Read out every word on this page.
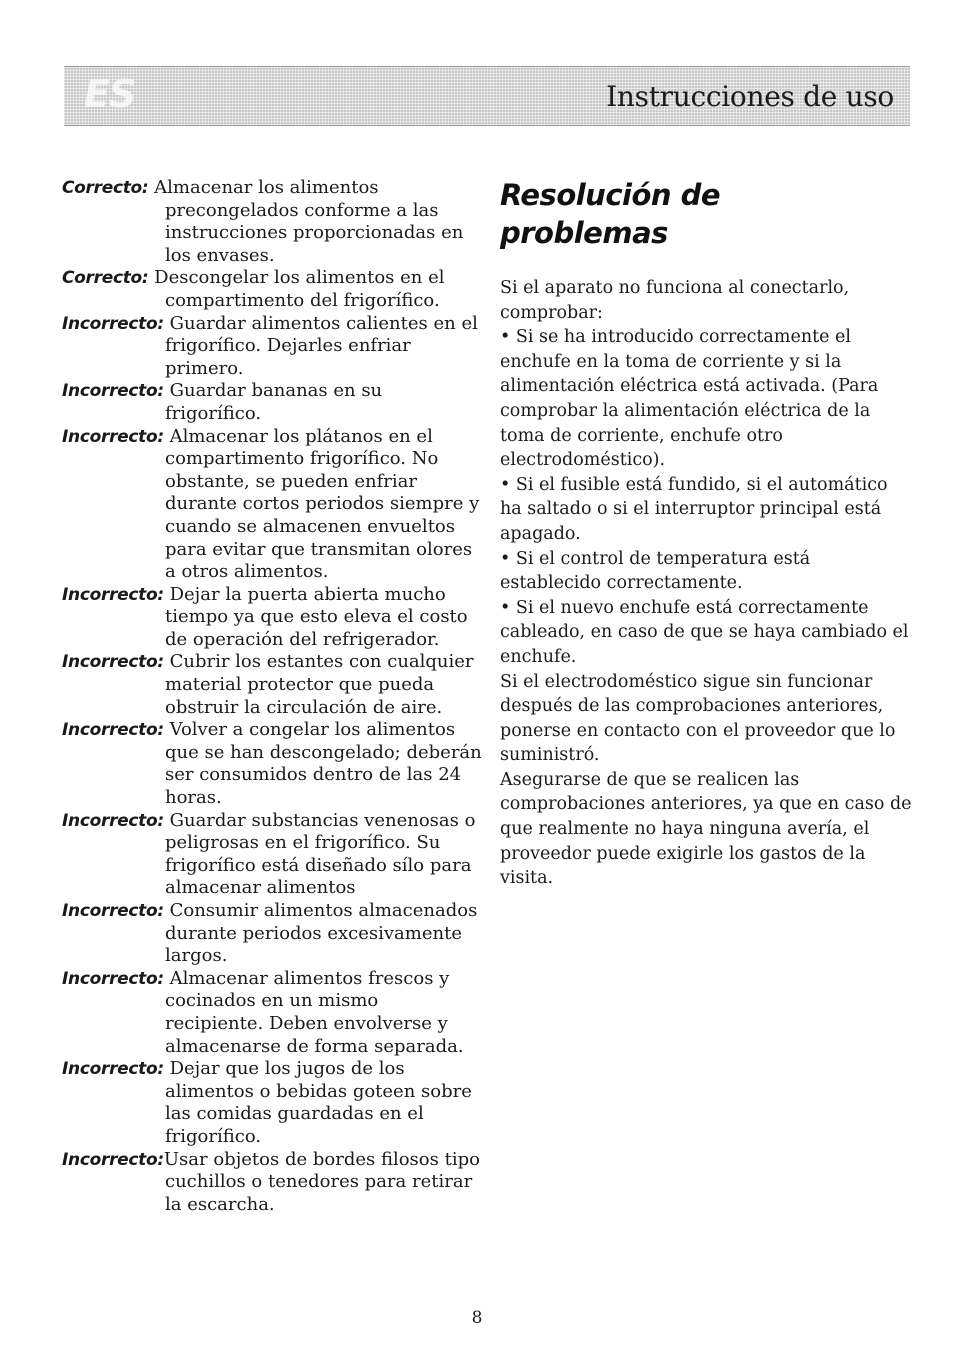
ES	Instrucciones de uso
Correcto: Almacenar los alimentos precongelados conforme a las instrucciones proporcionadas en los envases.
Correcto: Descongelar los alimentos en el compartimento del frigorífico.
Incorrecto: Guardar alimentos calientes en el frigorífico. Dejarles enfriar primero.
Incorrecto: Guardar bananas en su frigorífico.
Incorrecto: Almacenar los plátanos en el compartimento frigorífico. No obstante, se pueden enfriar durante cortos periodos siempre y cuando se almacenen envueltos para evitar que transmitan olores a otros alimentos.
Incorrecto: Dejar la puerta abierta mucho tiempo ya que esto eleva el costo de operación del refrigerador.
Incorrecto: Cubrir los estantes con cualquier material protector que pueda obstruir la circulación de aire.
Incorrecto: Volver a congelar los alimentos que se han descongelado; deberán ser consumidos dentro de las 24 horas.
Incorrecto: Guardar substancias venenosas o peligrosas en el frigorífico. Su frigorífico está diseñado sílo para almacenar alimentos
Incorrecto: Consumir alimentos almacenados durante periodos excesivamente largos.
Incorrecto: Almacenar alimentos frescos y cocinados en un mismo recipiente. Deben envolverse y almacenarse de forma separada.
Incorrecto: Dejar que los jugos de los alimentos o bebidas goteen sobre las comidas guardadas en el frigorífico.
Incorrecto:Usar objetos de bordes filosos tipo cuchillos o tenedores para retirar la escarcha.
Resolución de
problemas

Si el aparato no funciona al conectarlo, comprobar:

• Si se ha introducido correctamente el enchufe en la toma de corriente y si la alimentación eléctrica está activada. (Para comprobar la alimentación eléctrica de la toma de corriente, enchufe otro electrodoméstico).

• Si el fusible está fundido, si el automático ha saltado o si el interruptor principal está apagado.

• Si el control de temperatura está establecido correctamente.

• Si el nuevo enchufe está correctamente cableado, en caso de que se haya cambiado el enchufe.

Si el electrodoméstico sigue sin funcionar después de las comprobaciones anteriores, ponerse en contacto con el proveedor que lo suministró.

Asegurarse de que se realicen las comprobaciones anteriores, ya que en caso de que realmente no haya ninguna avería, el proveedor puede exigirle los gastos de la visita.

8
